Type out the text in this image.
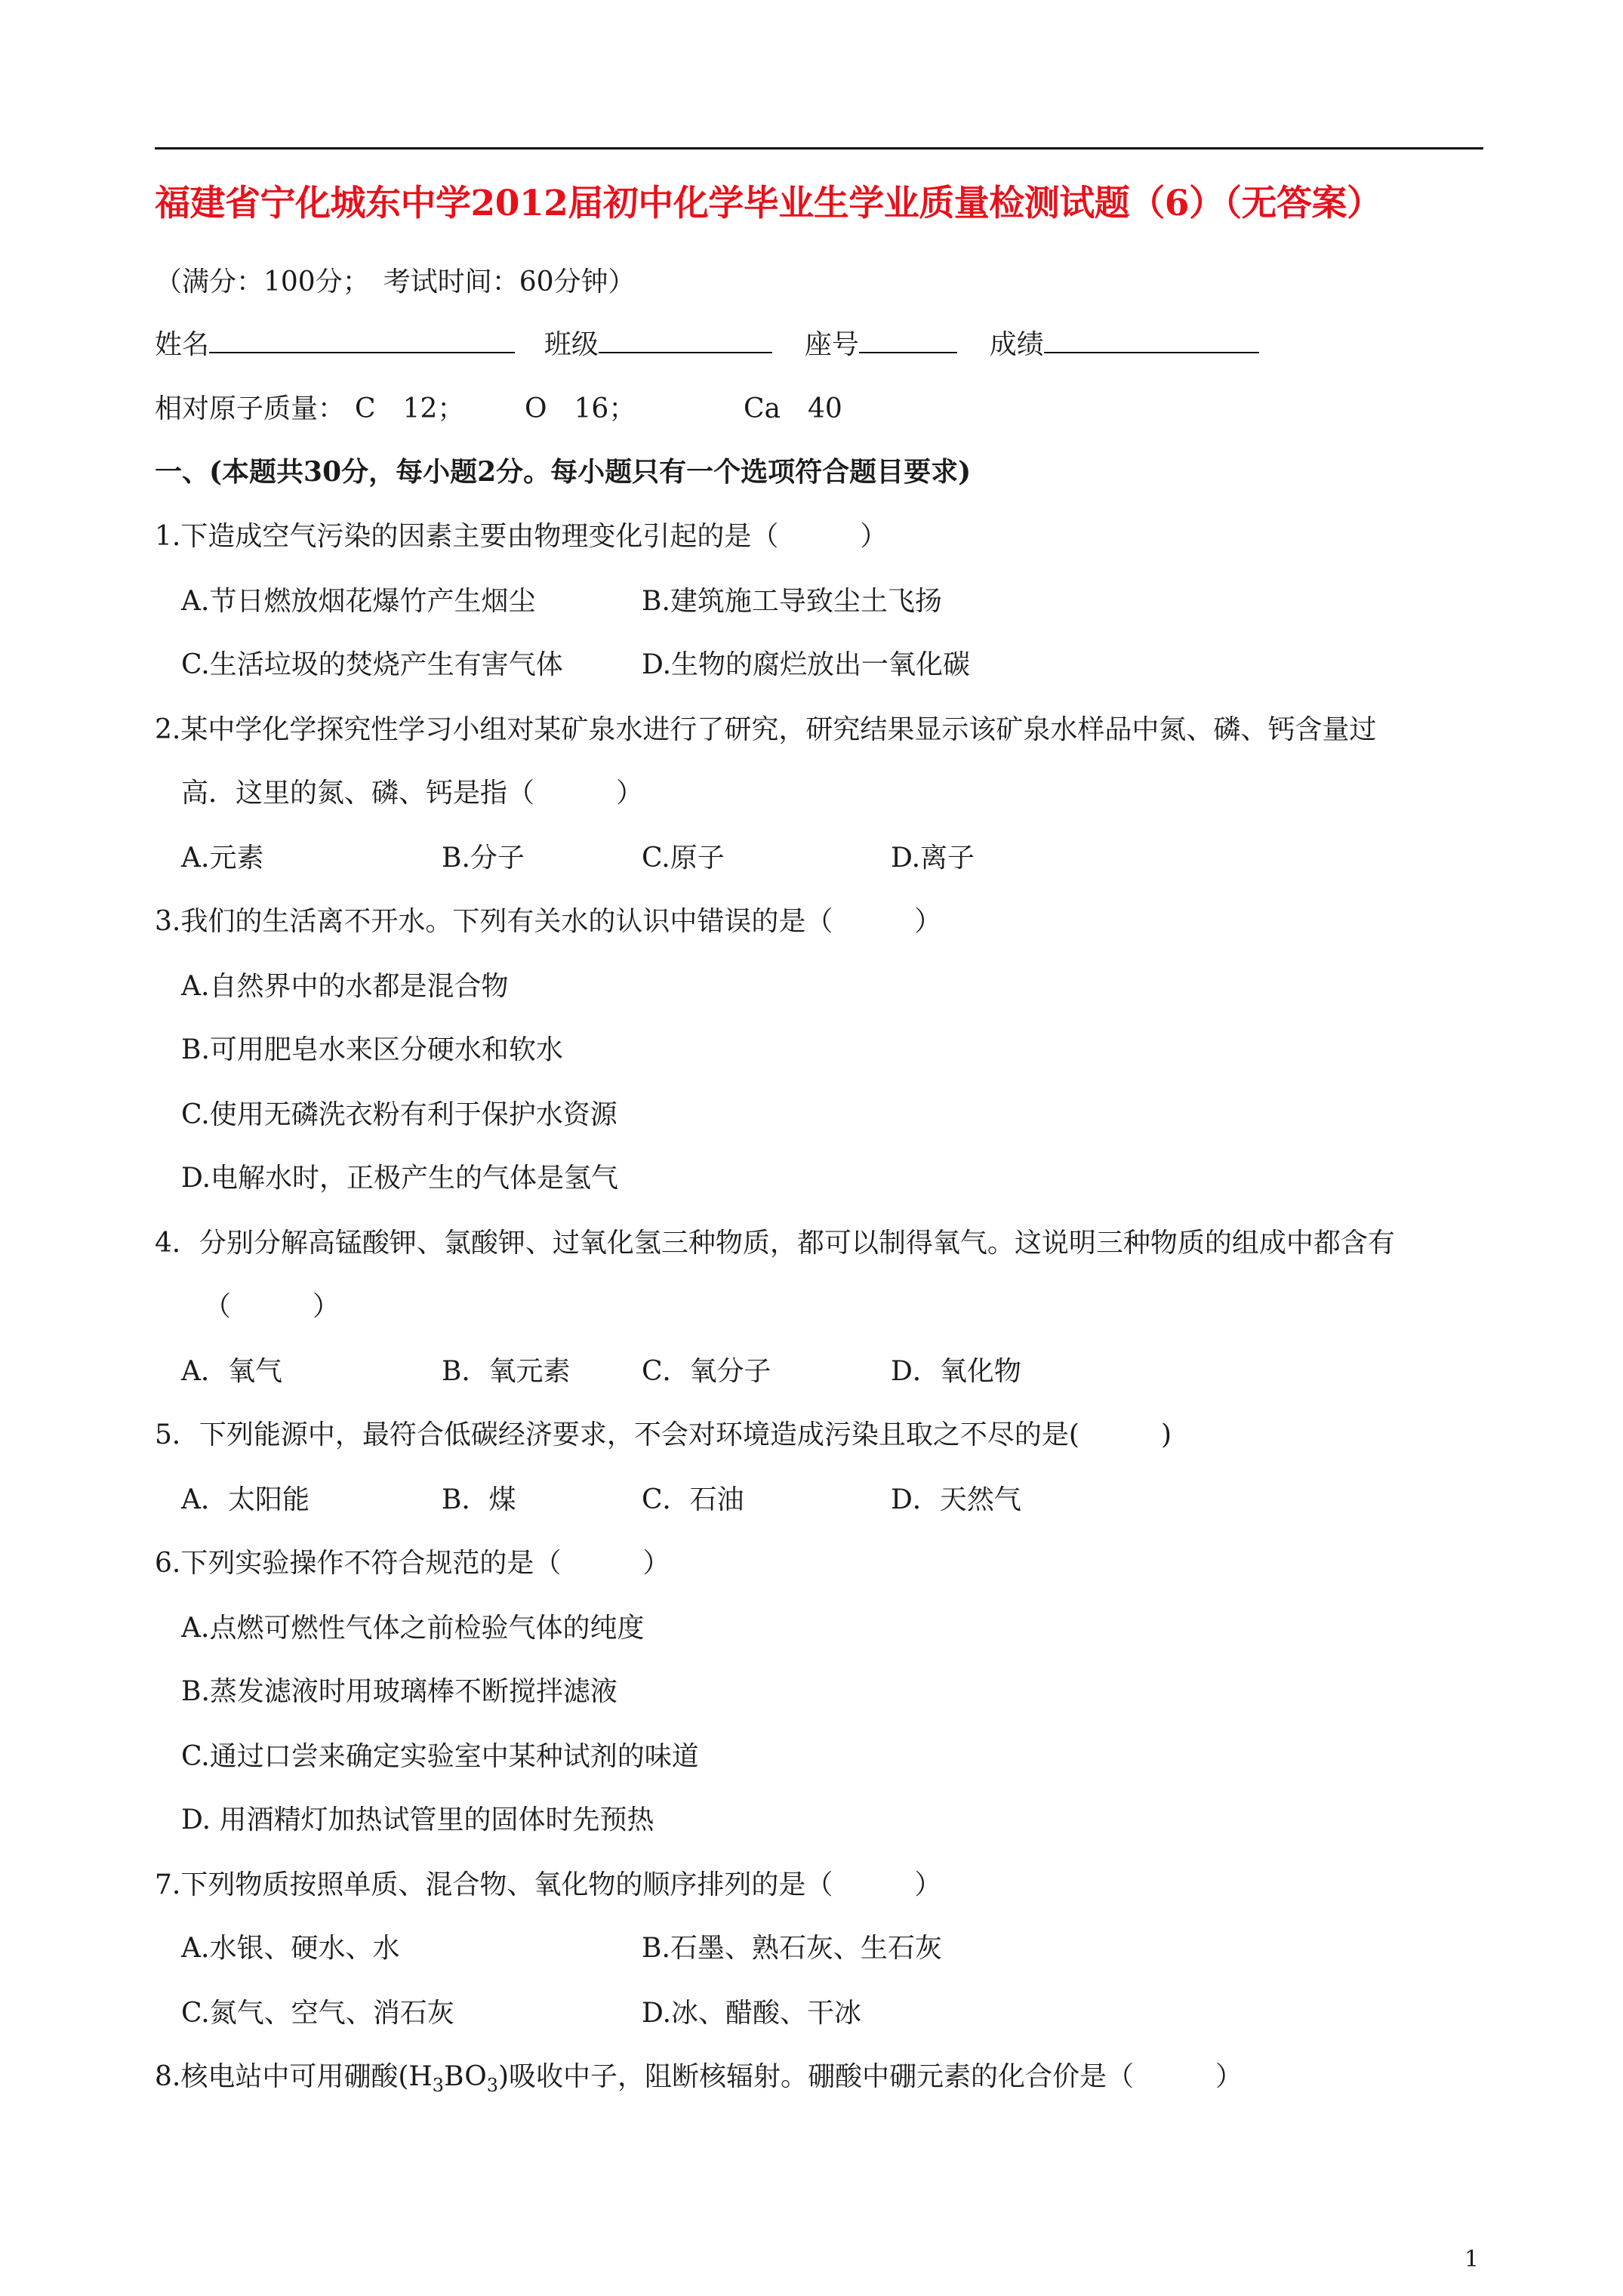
福建省宁化城东中学2012届初中化学毕业生学业质量检测试题（6）（无答案）
（满分：100分；　考试时间：60分钟）
姓名	班级	座号	成绩
相对原子质量： C　12； O　16；	Ca　40
一、(本题共30分，每小题2分。每小题只有一个选项符合题目要求)
1.下造成空气污染的因素主要由物理变化引起的是（　　　）
A.节日燃放烟花爆竹产生烟尘	B.建筑施工导致尘土飞扬
C.生活垃圾的焚烧产生有害气体	D.生物的腐烂放出一氧化碳
2.某中学化学探究性学习小组对某矿泉水进行了研究，研究结果显示该矿泉水样品中氮、磷、钙含量过
高．这里的氮、磷、钙是指（　　　）
A.元素	B.分子	C.原子	D.离子
3.我们的生活离不开水。下列有关水的认识中错误的是（　　　）
A.自然界中的水都是混合物
B.可用肥皂水来区分硬水和软水
C.使用无磷洗衣粉有利于保护水资源
D.电解水时，正极产生的气体是氢气
4．分别分解高锰酸钾、氯酸钾、过氧化氢三种物质，都可以制得氧气。这说明三种物质的组成中都含有
（　　　）
A．氧气	B．氧元素	C．氧分子	D．氧化物
5．下列能源中，最符合低碳经济要求，不会对环境造成污染且取之不尽的是(　　　)
A．太阳能	B．煤	C．石油	D．天然气
6.下列实验操作不符合规范的是（　　　）
A.点燃可燃性气体之前检验气体的纯度
B.蒸发滤液时用玻璃棒不断搅拌滤液
C.通过口尝来确定实验室中某种试剂的味道
D. 用酒精灯加热试管里的固体时先预热
7.下列物质按照单质、混合物、氧化物的顺序排列的是（　　　）
A.水银、硬水、水	B.石墨、熟石灰、生石灰
C.氮气、空气、消石灰	D.冰、醋酸、干冰
8.核电站中可用硼酸$(H_3BO_3)$吸收中子，阻断核辐射。硼酸中硼元素的化合价是（　　　）
1
